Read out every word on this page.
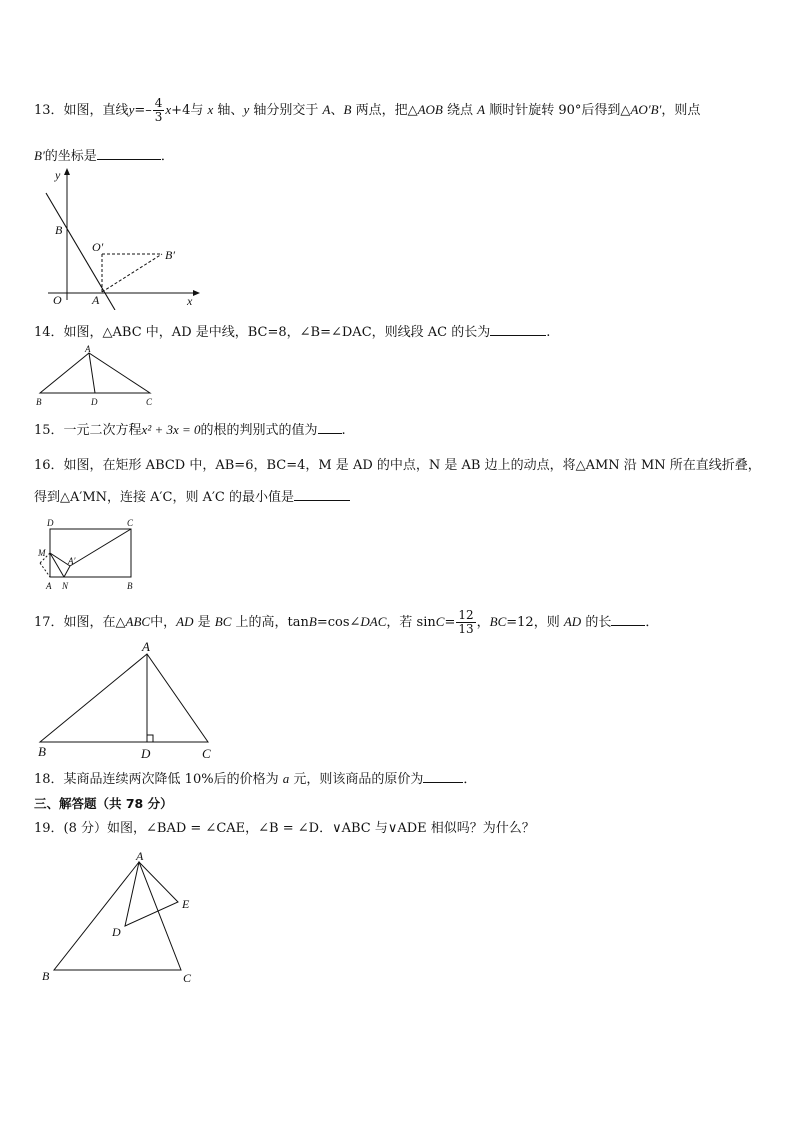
13．如图，直线$y=- \frac{4}{3} x+4$与 x 轴、y 轴分别交于 A、B 两点，把△AOB 绕点 A 顺时针旋转 90°后得到△AO′B′，则点
B′的坐标是	．
y
B
O′
B′
O	A	x
14．如图，△ABC 中，AD 是中线，BC=8，∠B=∠DAC，则线段 AC 的长为	.
A
B	D	C
15．一元二次方程x² + 3x = 0的根的判别式的值为 .
16．如图，在矩形 ABCD 中，AB=6，BC=4，M 是 AD 的中点，N 是 AB 边上的动点，将△AMN 沿 MN 所在直线折叠，
得到△A′MN，连接 A′C，则 A′C 的最小值是
D	C
M
A′
A N	B
17．如图，在△ABC中，AD 是 BC 上的高，tanB=cos∠DAC，若 $\sin C= \frac{12}{13}$ ，BC=12，则 AD 的长	．
A
B	D	C
18．某商品连续两次降低 10%后的价格为 a 元，则该商品的原价为	．
三、解答题（共 78 分）
19．(8 分）如图，∠BAD = ∠CAE，∠B = ∠D．∨ABC 与∨ADE 相似吗？为什么？
A
E
D
B	C
